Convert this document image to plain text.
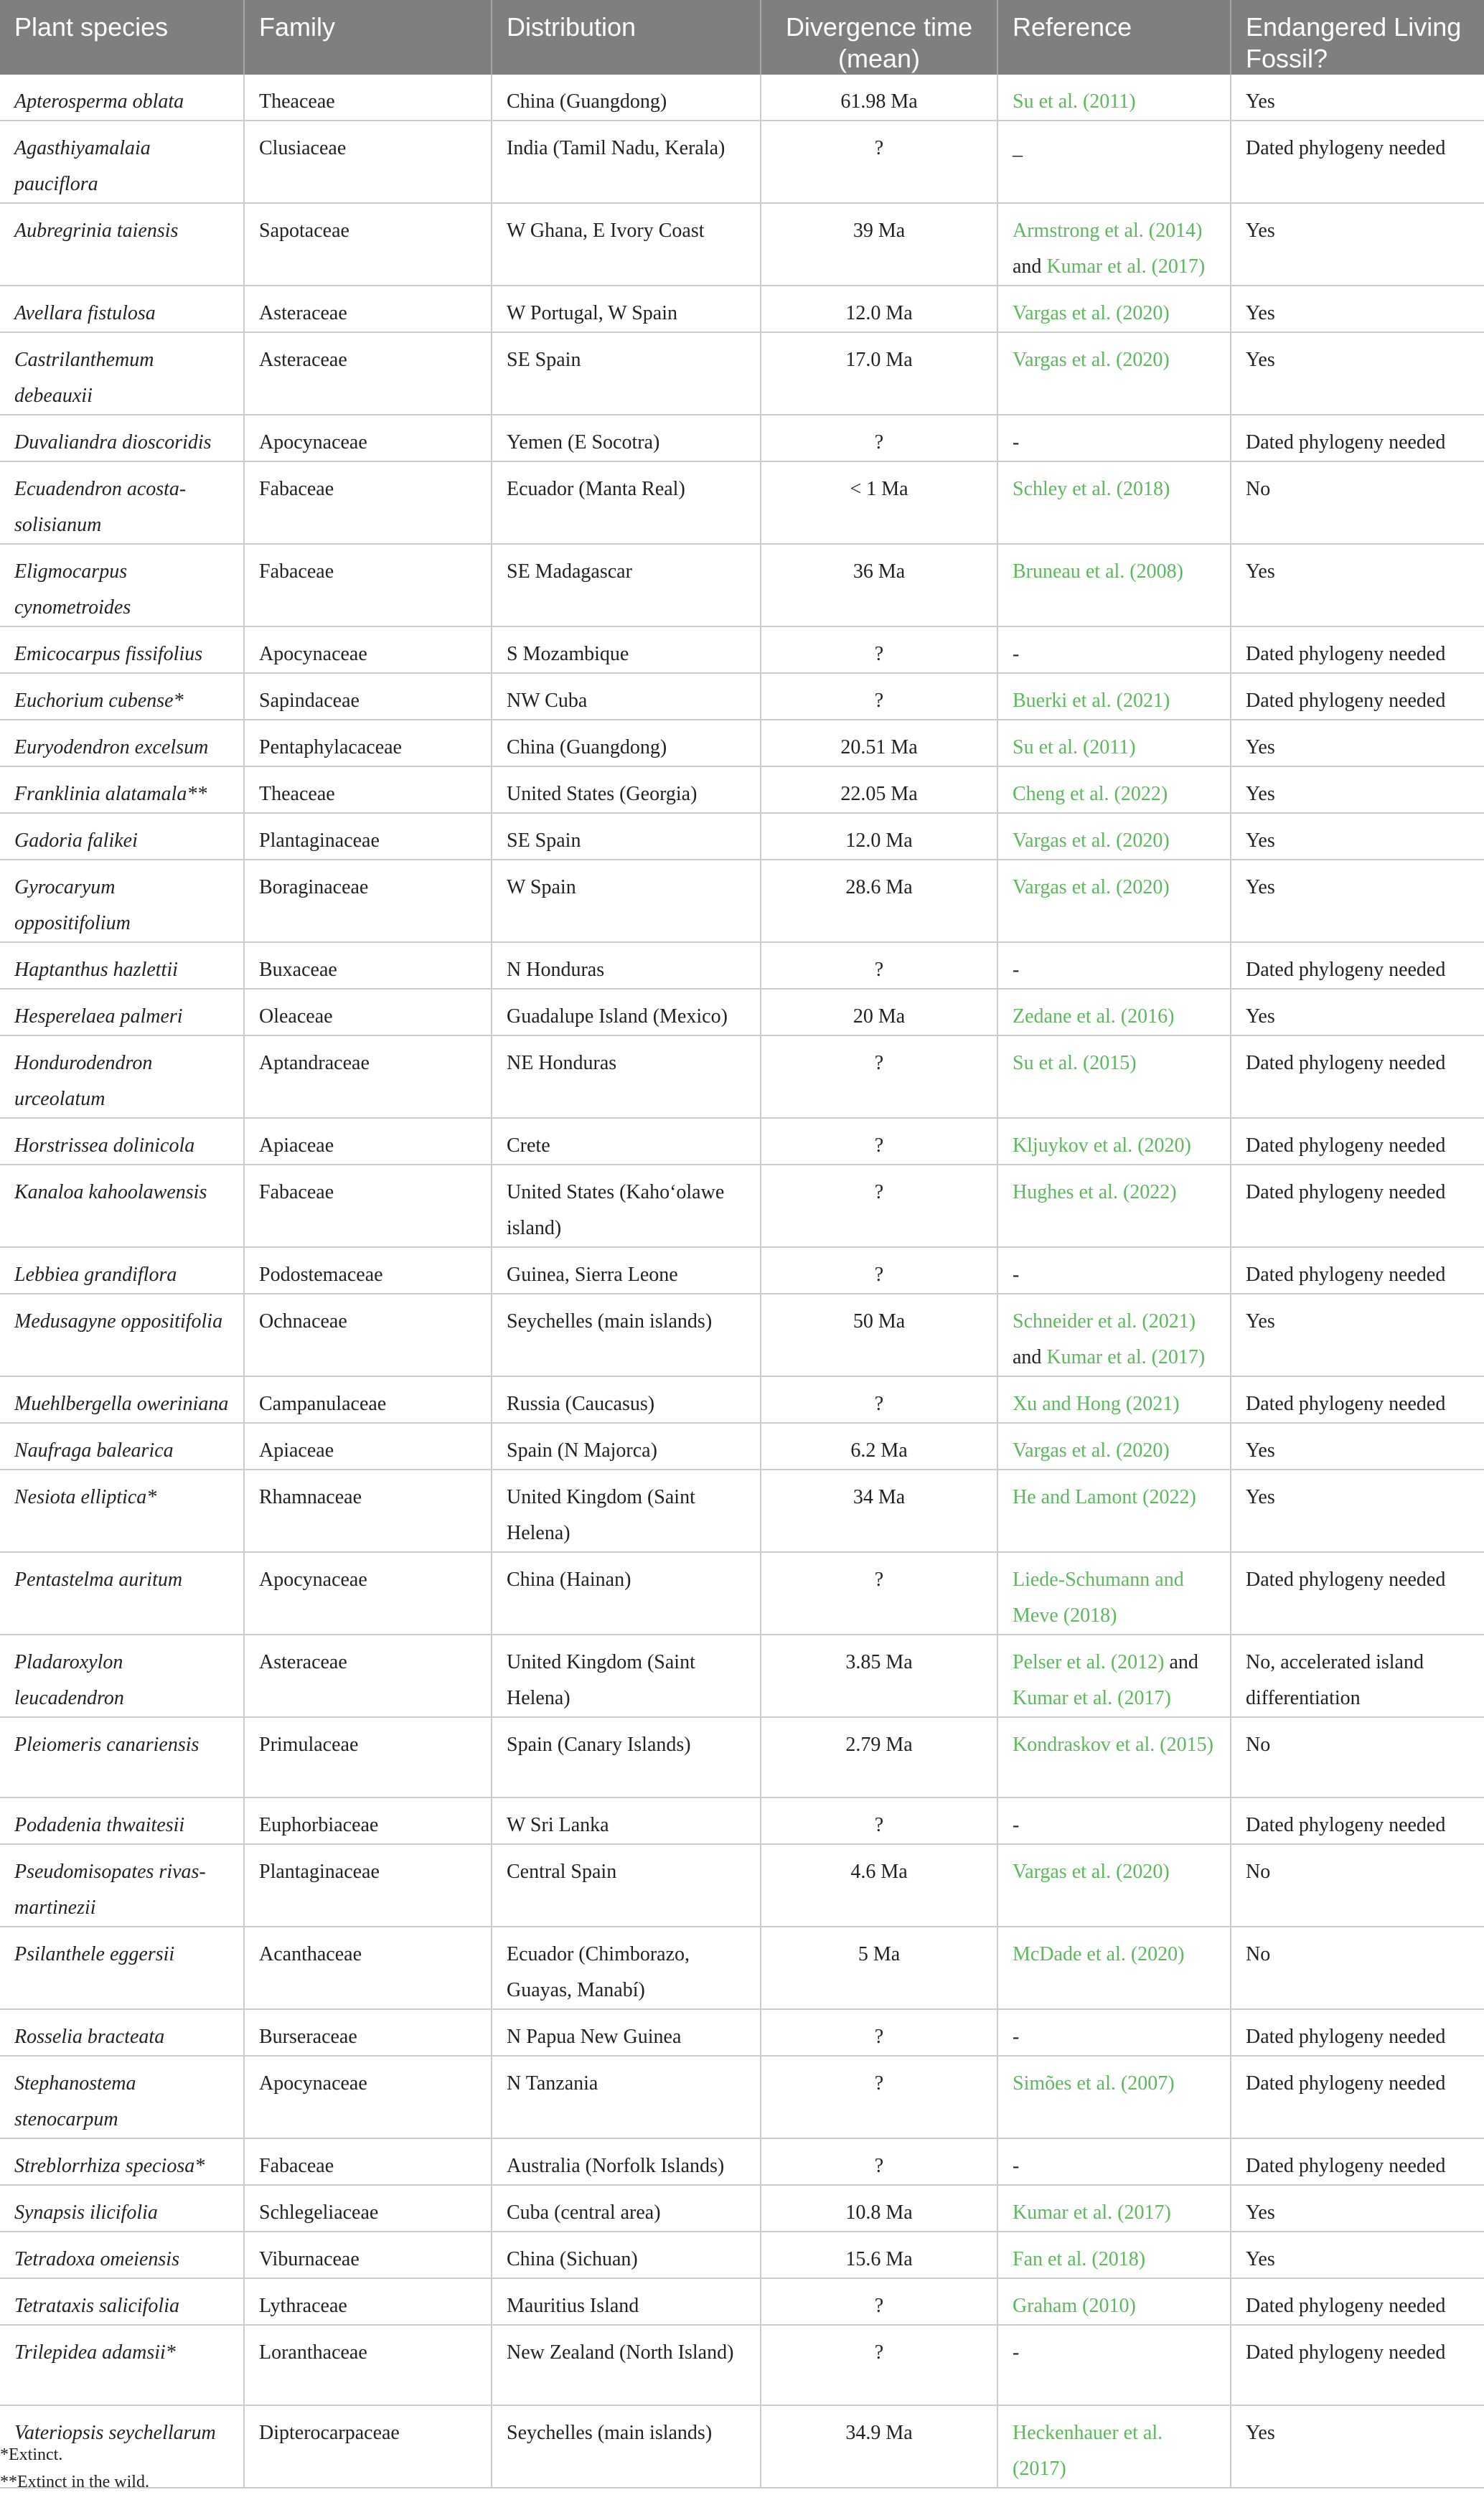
Plant species	Family	Distribution	Divergence time (mean)	Reference	Endangered Living Fossil?
Apterosperma oblata	Theaceae	China (Guangdong)	61.98 Ma	Su et al. (2011)	Yes
Agasthiyamalaia pauciflora	Clusiaceae	India (Tamil Nadu, Kerala)	?	_	Dated phylogeny needed
Aubregrinia taiensis	Sapotaceae	W Ghana, E Ivory Coast	39 Ma	Armstrong et al. (2014) and Kumar et al. (2017)	Yes
Avellara fistulosa	Asteraceae	W Portugal, W Spain	12.0 Ma	Vargas et al. (2020)	Yes
Castrilanthemum debeauxii	Asteraceae	SE Spain	17.0 Ma	Vargas et al. (2020)	Yes
Duvaliandra dioscoridis	Apocynaceae	Yemen (E Socotra)	?	-	Dated phylogeny needed
Ecuadendron acosta-solisianum	Fabaceae	Ecuador (Manta Real)	< 1 Ma	Schley et al. (2018)	No
Eligmocarpus cynometroides	Fabaceae	SE Madagascar	36 Ma	Bruneau et al. (2008)	Yes
Emicocarpus fissifolius	Apocynaceae	S Mozambique	?	-	Dated phylogeny needed
Euchorium cubense*	Sapindaceae	NW Cuba	?	Buerki et al. (2021)	Dated phylogeny needed
Euryodendron excelsum	Pentaphylacaceae	China (Guangdong)	20.51 Ma	Su et al. (2011)	Yes
Franklinia alatamala**	Theaceae	United States (Georgia)	22.05 Ma	Cheng et al. (2022)	Yes
Gadoria falikei	Plantaginaceae	SE Spain	12.0 Ma	Vargas et al. (2020)	Yes
Gyrocaryum oppositifolium	Boraginaceae	W Spain	28.6 Ma	Vargas et al. (2020)	Yes
Haptanthus hazlettii	Buxaceae	N Honduras	?	-	Dated phylogeny needed
Hesperelaea palmeri	Oleaceae	Guadalupe Island (Mexico)	20 Ma	Zedane et al. (2016)	Yes
Hondurodendron urceolatum	Aptandraceae	NE Honduras	?	Su et al. (2015)	Dated phylogeny needed
Horstrissea dolinicola	Apiaceae	Crete	?	Kljuykov et al. (2020)	Dated phylogeny needed
Kanaloa kahoolawensis	Fabaceae	United States (Kaho‘olawe island)	?	Hughes et al. (2022)	Dated phylogeny needed
Lebbiea grandiflora	Podostemaceae	Guinea, Sierra Leone	?	-	Dated phylogeny needed
Medusagyne oppositifolia	Ochnaceae	Seychelles (main islands)	50 Ma	Schneider et al. (2021) and Kumar et al. (2017)	Yes
Muehlbergella oweriniana	Campanulaceae	Russia (Caucasus)	?	Xu and Hong (2021)	Dated phylogeny needed
Naufraga balearica	Apiaceae	Spain (N Majorca)	6.2 Ma	Vargas et al. (2020)	Yes
Nesiota elliptica*	Rhamnaceae	United Kingdom (Saint Helena)	34 Ma	He and Lamont (2022)	Yes
Pentastelma auritum	Apocynaceae	China (Hainan)	?	Liede-Schumann and Meve (2018)	Dated phylogeny needed
Pladaroxylon leucadendron	Asteraceae	United Kingdom (Saint Helena)	3.85 Ma	Pelser et al. (2012) and Kumar et al. (2017)	No, accelerated island differentiation
Pleiomeris canariensis	Primulaceae	Spain (Canary Islands)	2.79 Ma	Kondraskov et al. (2015)	No
Podadenia thwaitesii	Euphorbiaceae	W Sri Lanka	?	-	Dated phylogeny needed
Pseudomisopates rivas-martinezii	Plantaginaceae	Central Spain	4.6 Ma	Vargas et al. (2020)	No
Psilanthele eggersii	Acanthaceae	Ecuador (Chimborazo, Guayas, Manabí)	5 Ma	McDade et al. (2020)	No
Rosselia bracteata	Burseraceae	N Papua New Guinea	?	-	Dated phylogeny needed
Stephanostema stenocarpum	Apocynaceae	N Tanzania	?	Simões et al. (2007)	Dated phylogeny needed
Streblorrhiza speciosa*	Fabaceae	Australia (Norfolk Islands)	?	-	Dated phylogeny needed
Synapsis ilicifolia	Schlegeliaceae	Cuba (central area)	10.8 Ma	Kumar et al. (2017)	Yes
Tetradoxa omeiensis	Viburnaceae	China (Sichuan)	15.6 Ma	Fan et al. (2018)	Yes
Tetrataxis salicifolia	Lythraceae	Mauritius Island	?	Graham (2010)	Dated phylogeny needed
Trilepidea adamsii*	Loranthaceae	New Zealand (North Island)	?	-	Dated phylogeny needed
Vateriopsis seychellarum	Dipterocarpaceae	Seychelles (main islands)	34.9 Ma	Heckenhauer et al. (2017)	Yes
*Extinct.
**Extinct in the wild.
